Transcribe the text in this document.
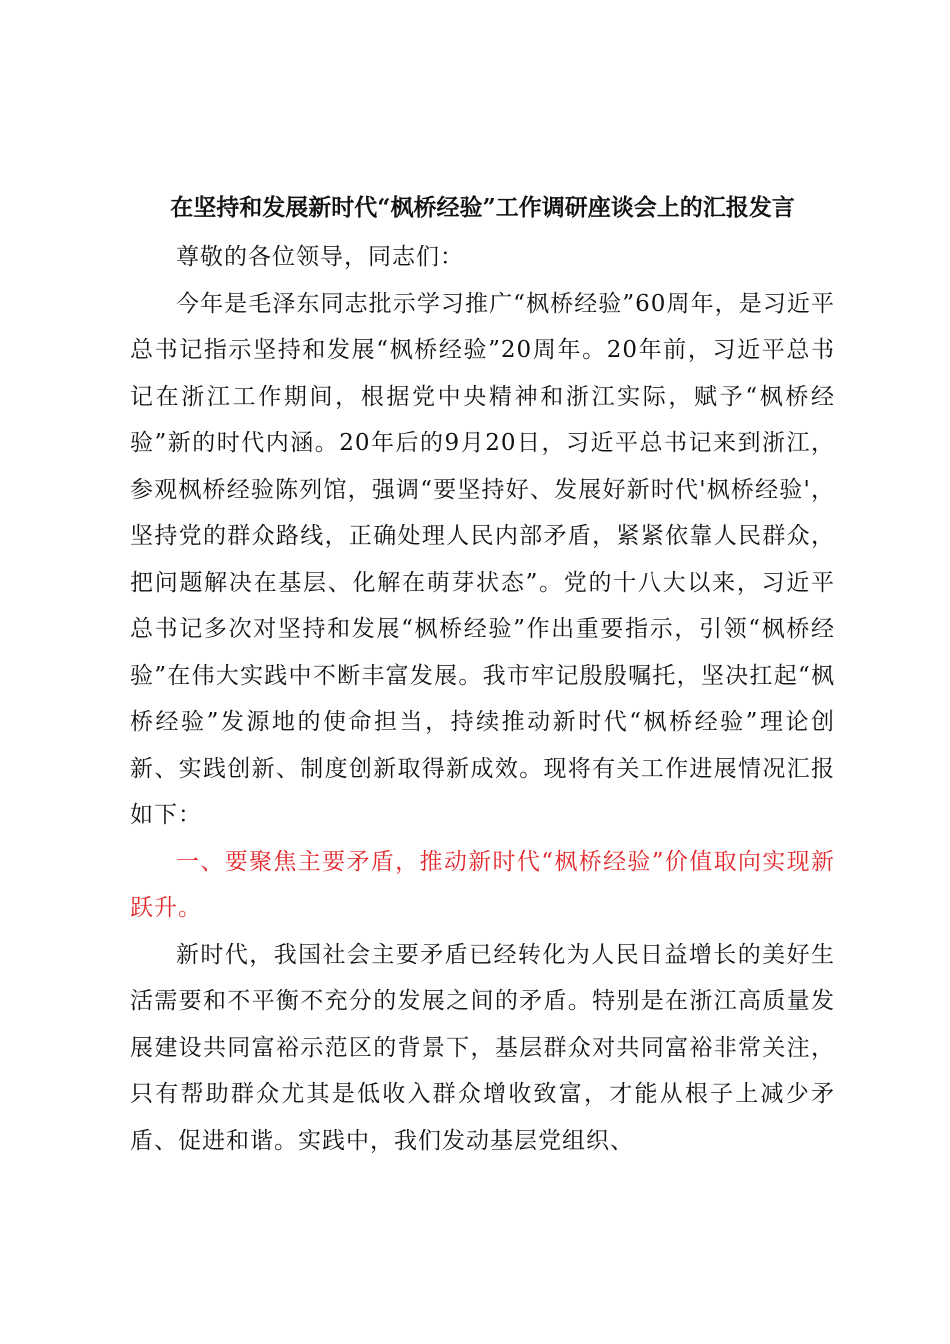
在坚持和发展新时代“枫桥经验”工作调研座谈会上的汇报发言

尊敬的各位领导，同志们：

今年是毛泽东同志批示学习推广“枫桥经验”60周年，是习近平总书记指示坚持和发展“枫桥经验”20周年。20年前，习近平总书记在浙江工作期间，根据党中央精神和浙江实际，赋予“枫桥经验”新的时代内涵。20年后的9月20日，习近平总书记来到浙江，参观枫桥经验陈列馆，强调“要坚持好、发展好新时代'枫桥经验'，坚持党的群众路线，正确处理人民内部矛盾，紧紧依靠人民群众，把问题解决在基层、化解在萌芽状态”。党的十八大以来，习近平总书记多次对坚持和发展“枫桥经验”作出重要指示，引领“枫桥经验”在伟大实践中不断丰富发展。我市牢记殷殷嘱托，坚决扛起“枫桥经验”发源地的使命担当，持续推动新时代“枫桥经验”理论创新、实践创新、制度创新取得新成效。现将有关工作进展情况汇报如下：

一、要聚焦主要矛盾，推动新时代“枫桥经验”价值取向实现新跃升。

新时代，我国社会主要矛盾已经转化为人民日益增长的美好生活需要和不平衡不充分的发展之间的矛盾。特别是在浙江高质量发展建设共同富裕示范区的背景下，基层群众对共同富裕非常关注，只有帮助群众尤其是低收入群众增收致富，才能从根子上减少矛盾、促进和谐。实践中，我们发动基层党组织、
